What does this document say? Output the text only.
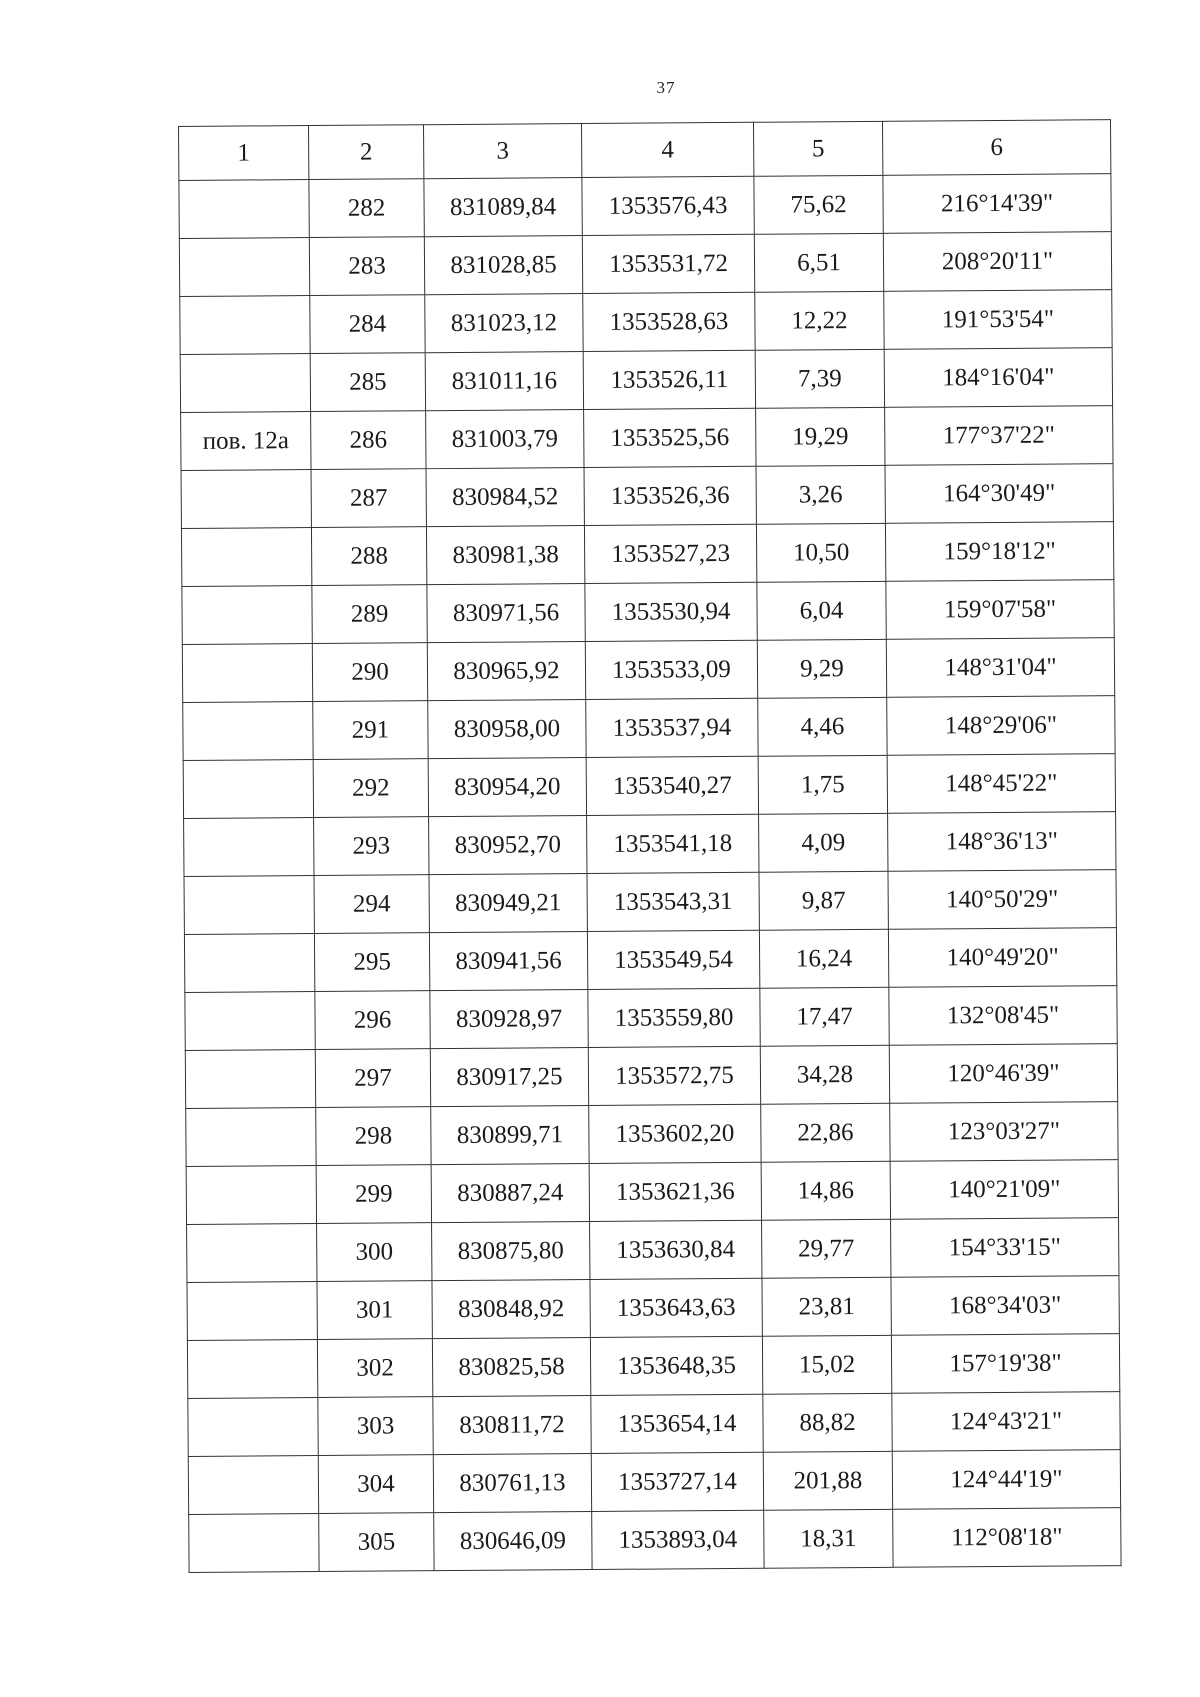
37
1	2	3	4	5	6
	282	831089,84	1353576,43	75,62	216°14'39"
	283	831028,85	1353531,72	6,51	208°20'11"
	284	831023,12	1353528,63	12,22	191°53'54"
	285	831011,16	1353526,11	7,39	184°16'04"
пов. 12а	286	831003,79	1353525,56	19,29	177°37'22"
	287	830984,52	1353526,36	3,26	164°30'49"
	288	830981,38	1353527,23	10,50	159°18'12"
	289	830971,56	1353530,94	6,04	159°07'58"
	290	830965,92	1353533,09	9,29	148°31'04"
	291	830958,00	1353537,94	4,46	148°29'06"
	292	830954,20	1353540,27	1,75	148°45'22"
	293	830952,70	1353541,18	4,09	148°36'13"
	294	830949,21	1353543,31	9,87	140°50'29"
	295	830941,56	1353549,54	16,24	140°49'20"
	296	830928,97	1353559,80	17,47	132°08'45"
	297	830917,25	1353572,75	34,28	120°46'39"
	298	830899,71	1353602,20	22,86	123°03'27"
	299	830887,24	1353621,36	14,86	140°21'09"
	300	830875,80	1353630,84	29,77	154°33'15"
	301	830848,92	1353643,63	23,81	168°34'03"
	302	830825,58	1353648,35	15,02	157°19'38"
	303	830811,72	1353654,14	88,82	124°43'21"
	304	830761,13	1353727,14	201,88	124°44'19"
	305	830646,09	1353893,04	18,31	112°08'18"
